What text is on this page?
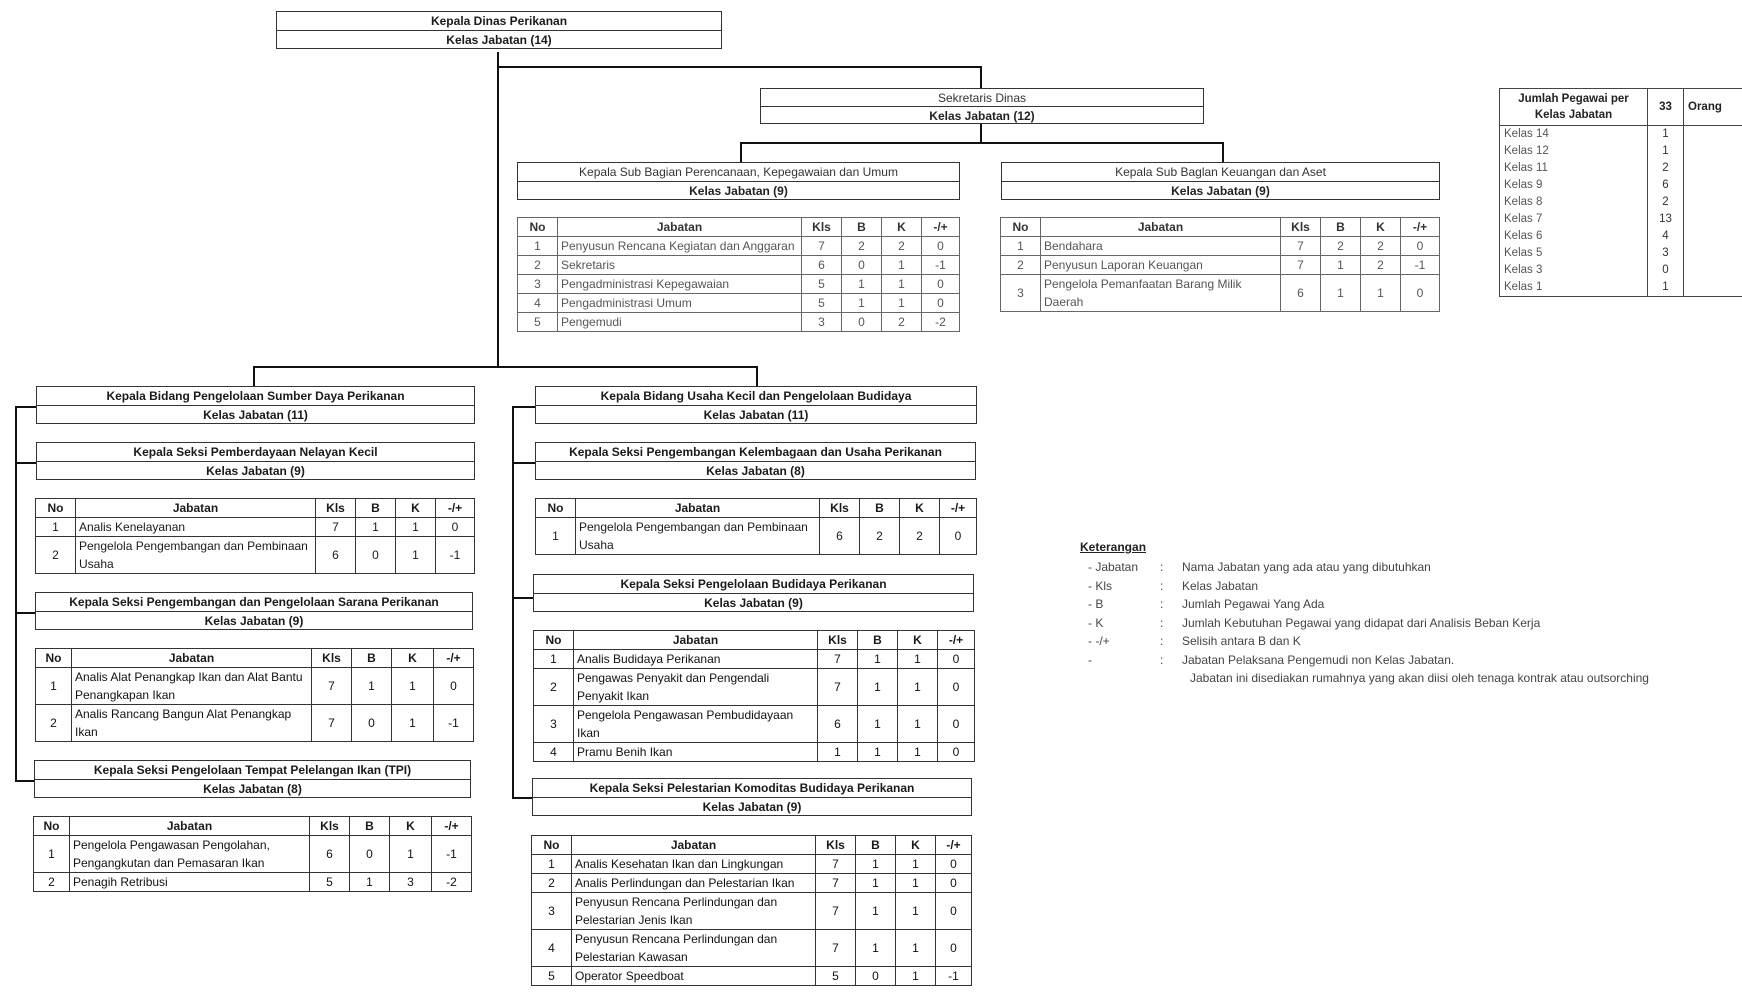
Kepala Dinas Perikanan
Kelas Jabatan (14)
Sekretaris Dinas
Kelas Jabatan (12)
Kepala Sub Bagian Perencanaan, Kepegawaian dan Umum
Kelas Jabatan (9)
No	Jabatan	Kls	B	K	-/+
1	Penyusun Rencana Kegiatan dan Anggaran	7	2	2	0
2	Sekretaris	6	0	1	-1
3	Pengadministrasi Kepegawaian	5	1	1	0
4	Pengadministrasi Umum	5	1	1	0
5	Pengemudi	3	0	2	-2
Kepala Sub Baglan Keuangan dan Aset
Kelas Jabatan (9)
No	Jabatan	Kls	B	K	-/+
1	Bendahara	7	2	2	0
2	Penyusun Laporan Keuangan	7	1	2	-1
3	Pengelola Pemanfaatan Barang Milik Daerah	6	1	1	0
Jumlah Pegawai per Kelas Jabatan	33	Orang
Kelas 14	1	
Kelas 12	1	
Kelas 11	2	
Kelas 9	6	
Kelas 8	2	
Kelas 7	13	
Kelas 6	4	
Kelas 5	3	
Kelas 3	0	
Kelas 1	1	
Kepala Bidang Pengelolaan Sumber Daya Perikanan
Kelas Jabatan (11)
Kepala Seksi Pemberdayaan Nelayan Kecil
Kelas Jabatan (9)
No	Jabatan	Kls	B	K	-/+
1	Analis Kenelayanan	7	1	1	0
2	Pengelola Pengembangan dan Pembinaan Usaha	6	0	1	-1
Kepala Seksi Pengembangan dan Pengelolaan Sarana Perikanan
Kelas Jabatan (9)
No	Jabatan	Kls	B	K	-/+
1	Analis Alat Penangkap Ikan dan Alat Bantu Penangkapan Ikan	7	1	1	0
2	Analis Rancang Bangun Alat Penangkap Ikan	7	0	1	-1
Kepala Seksi Pengelolaan Tempat Pelelangan Ikan (TPI)
Kelas Jabatan (8)
No	Jabatan	Kls	B	K	-/+
1	Pengelola Pengawasan Pengolahan, Pengangkutan dan Pemasaran Ikan	6	0	1	-1
2	Penagih Retribusi	5	1	3	-2
Kepala Bidang Usaha Kecil dan Pengelolaan Budidaya
Kelas Jabatan (11)
Kepala Seksi Pengembangan Kelembagaan dan Usaha Perikanan
Kelas Jabatan (8)
No	Jabatan	Kls	B	K	-/+
1	Pengelola Pengembangan dan Pembinaan Usaha	6	2	2	0
Kepala Seksi Pengelolaan Budidaya Perikanan
Kelas Jabatan (9)
No	Jabatan	Kls	B	K	-/+
1	Analis Budidaya Perikanan	7	1	1	0
2	Pengawas Penyakit dan Pengendali Penyakit Ikan	7	1	1	0
3	Pengelola Pengawasan Pembudidayaan Ikan	6	1	1	0
4	Pramu Benih Ikan	1	1	1	0
Kepala Seksi Pelestarian Komoditas Budidaya Perikanan
Kelas Jabatan (9)
No	Jabatan	Kls	B	K	-/+
1	Analis Kesehatan Ikan dan Lingkungan	7	1	1	0
2	Analis Perlindungan dan Pelestarian Ikan	7	1	1	0
3	Penyusun Rencana Perlindungan dan Pelestarian Jenis Ikan	7	1	1	0
4	Penyusun Rencana Perlindungan dan Pelestarian Kawasan	7	1	1	0
5	Operator Speedboat	5	0	1	-1
Keterangan
- Jabatan	:	Nama Jabatan yang ada atau yang dibutuhkan
- Kls	:	Kelas Jabatan
- B	:	Jumlah Pegawai Yang Ada
- K	:	Jumlah Kebutuhan Pegawai yang didapat dari Analisis Beban Kerja
- -/+	:	Selisih antara B dan K
-	:	Jabatan Pelaksana Pengemudi non Kelas Jabatan.
Jabatan ini disediakan rumahnya yang akan diisi oleh tenaga kontrak atau outsorching
